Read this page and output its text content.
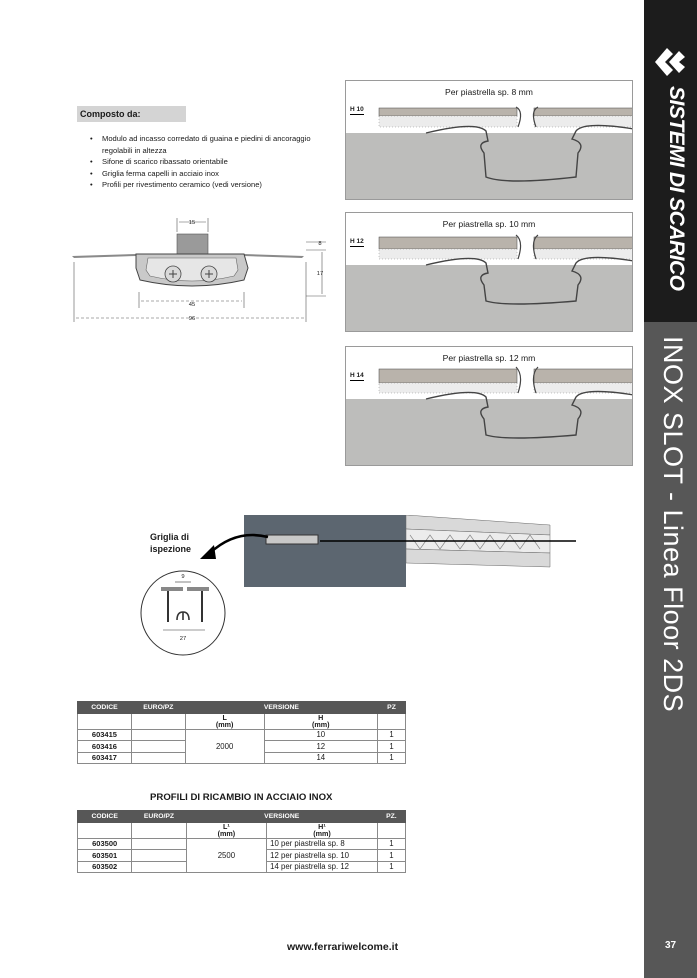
SISTEMI DI SCARICO
INOX SLOT - Linea Floor 2DS
37
Composto da:
• Modulo ad incasso corredato di guaina e piedini di ancoraggio regolabili in altezza
• Sifone di scarico ribassato orientabile
• Griglia ferma capelli in acciaio inox
• Profili per rivestimento ceramico (vedi versione)
15
8
17
45
96
Per piastrella sp. 8 mm
H 10
Per piastrella sp. 10 mm
H 12
Per piastrella sp. 12 mm
H 14
Griglia di
ispezione
9
27
CODICE	EURO/PZ	VERSIONE		PZ
		L
(mm)	H
(mm)	
603415		2000	10	1
603416			12	1
603417			14	1
PROFILI DI RICAMBIO IN ACCIAIO INOX
CODICE	EURO/PZ	VERSIONE		PZ.
		L¹
(mm)	H¹
(mm)	
603500		2500	10 per piastrella sp. 8	1
603501			12 per piastrella sp. 10	1
603502			14 per piastrella sp. 12	1
www.ferrariwelcome.it
